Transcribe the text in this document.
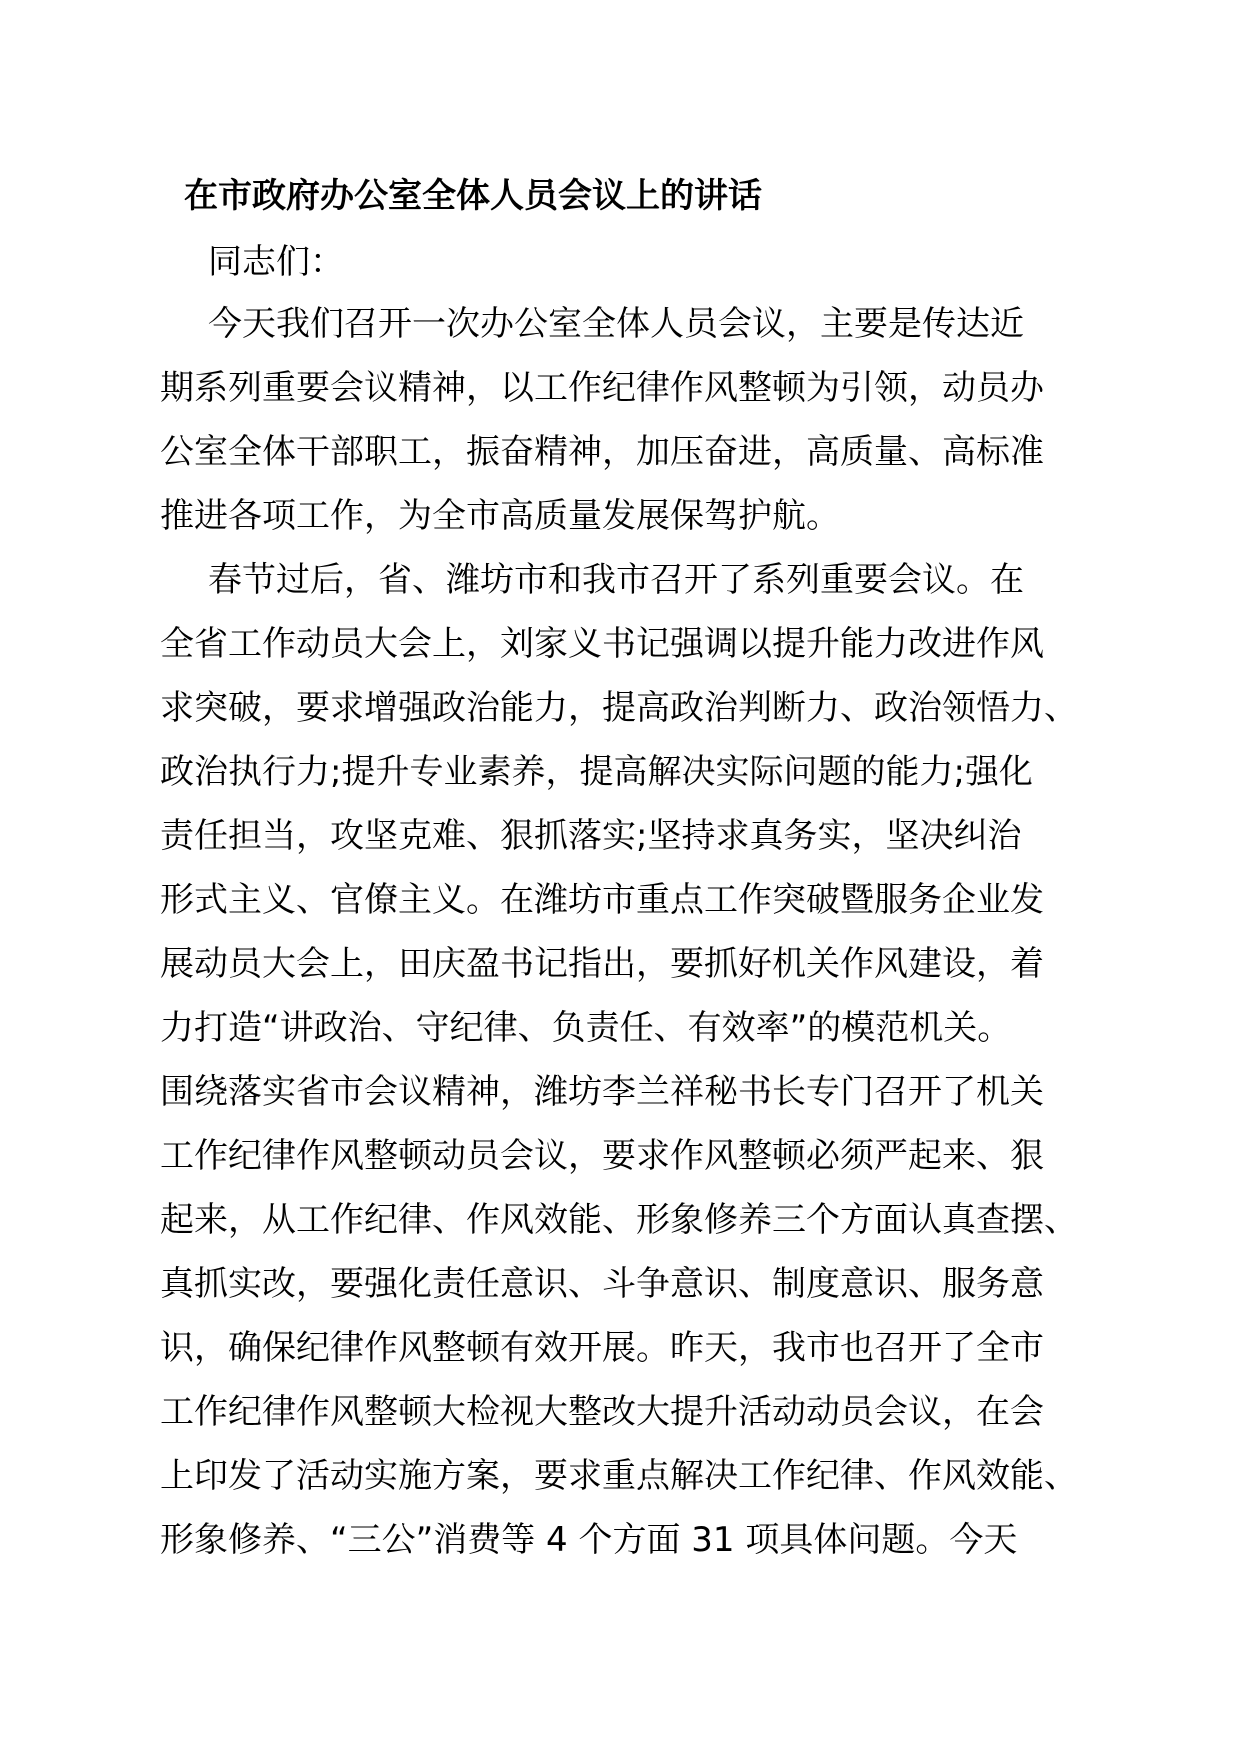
在市政府办公室全体人员会议上的讲话
同志们：
今天我们召开一次办公室全体人员会议，主要是传达近
期系列重要会议精神，以工作纪律作风整顿为引领，动员办
公室全体干部职工，振奋精神，加压奋进，高质量、高标准
推进各项工作，为全市高质量发展保驾护航。
春节过后，省、潍坊市和我市召开了系列重要会议。在
全省工作动员大会上，刘家义书记强调以提升能力改进作风
求突破，要求增强政治能力，提高政治判断力、政治领悟力、
政治执行力;提升专业素养，提高解决实际问题的能力;强化
责任担当，攻坚克难、狠抓落实;坚持求真务实，坚决纠治
形式主义、官僚主义。在潍坊市重点工作突破暨服务企业发
展动员大会上，田庆盈书记指出，要抓好机关作风建设，着
力打造“讲政治、守纪律、负责任、有效率”的模范机关。
围绕落实省市会议精神，潍坊李兰祥秘书长专门召开了机关
工作纪律作风整顿动员会议，要求作风整顿必须严起来、狠
起来，从工作纪律、作风效能、形象修养三个方面认真查摆、
真抓实改，要强化责任意识、斗争意识、制度意识、服务意
识，确保纪律作风整顿有效开展。昨天，我市也召开了全市
工作纪律作风整顿大检视大整改大提升活动动员会议，在会
上印发了活动实施方案，要求重点解决工作纪律、作风效能、
形象修养、“三公”消费等 4 个方面 31 项具体问题。今天
